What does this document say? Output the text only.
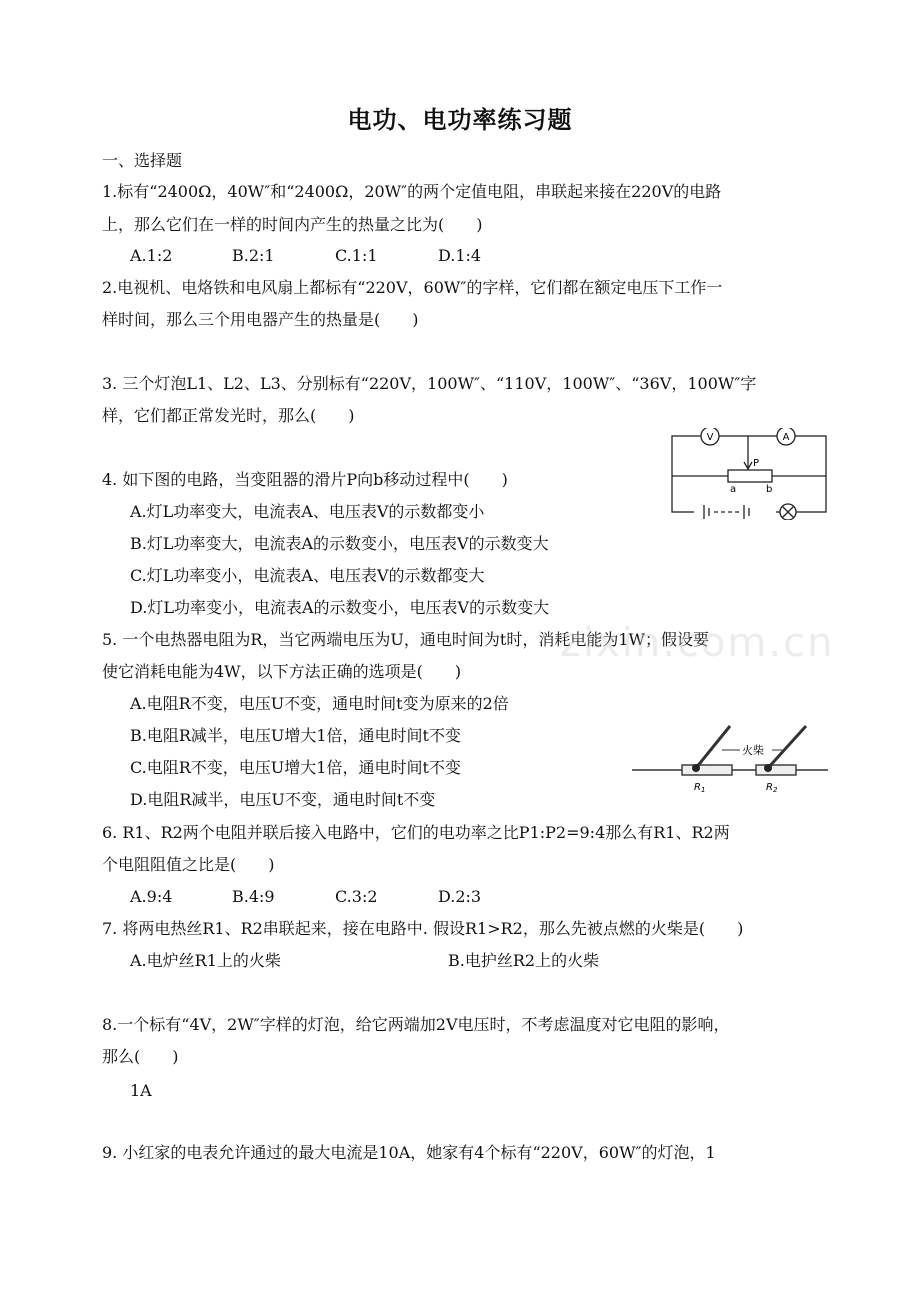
电功、电功率练习题
一、选择题
1.标有“2400Ω，40W″和“2400Ω，20W″的两个定值电阻，串联起来接在220V的电路
上，那么它们在一样的时间内产生的热量之比为(　　)
A.1:2	B.2:1	C.1:1	D.1:4
2.电视机、电烙铁和电风扇上都标有“220V，60W″的字样，它们都在额定电压下工作一
样时间，那么三个用电器产生的热量是(　　)
3. 三个灯泡L1、L2、L3、分别标有“220V，100W″、“110V，100W″、“36V，100W″字
样，它们都正常发光时，那么(　　)
4. 如下图的电路，当变阻器的滑片P向b移动过程中(　　)
A.灯L功率变大，电流表A、电压表V的示数都变小
B.灯L功率变大，电流表A的示数变小，电压表V的示数变大
C.灯L功率变小，电流表A、电压表V的示数都变大
D.灯L功率变小，电流表A的示数变小，电压表V的示数变大
V	A
P
a	b
5. 一个电热器电阻为R，当它两端电压为U，通电时间为t时，消耗电能为1W；假设要
使它消耗电能为4W，以下方法正确的选项是(　　)
A.电阻R不变，电压U不变，通电时间t变为原来的2倍
B.电阻R减半，电压U增大1倍，通电时间t不变
C.电阻R不变，电压U增大1倍，通电时间t不变
D.电阻R减半，电压U不变，通电时间t不变
火柴
$R_1$	$R_2$
6. R1、R2两个电阻并联后接入电路中，它们的电功率之比P1:P2=9:4那么有R1、R2两
个电阻阻值之比是(　　)
A.9:4	B.4:9	C.3:2	D.2:3
7. 将两电热丝R1、R2串联起来，接在电路中. 假设R1>R2，那么先被点燃的火柴是(　　)
A.电炉丝R1上的火柴	B.电护丝R2上的火柴
8.一个标有“4V，2W″字样的灯泡，给它两端加2V电压时，不考虑温度对它电阻的影响，
那么(　　)
1A
9. 小红家的电表允许通过的最大电流是10A，她家有4个标有“220V，60W″的灯泡，1
zixin.com.cn
